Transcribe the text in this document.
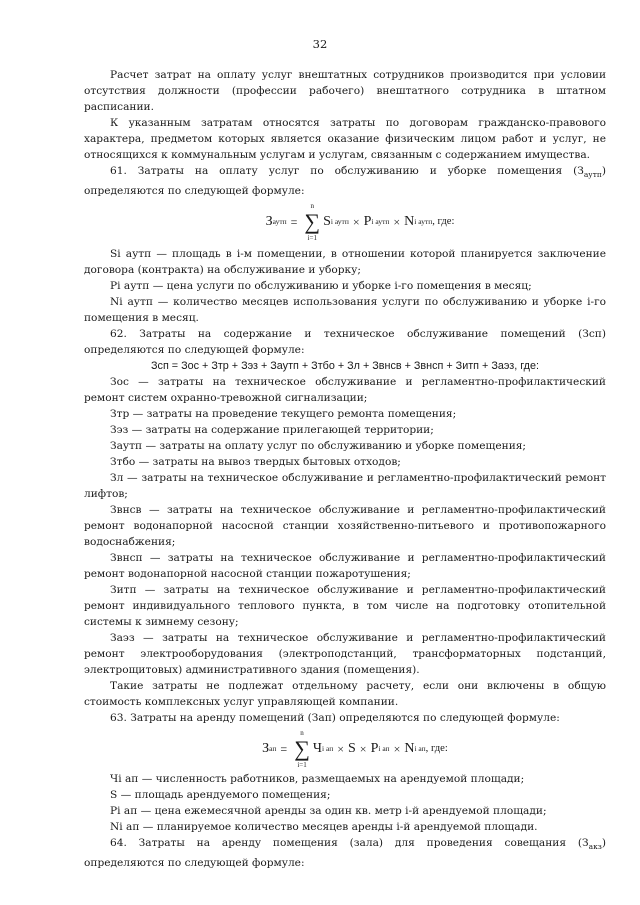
32

Расчет затрат на оплату услуг внештатных сотрудников производится при условии отсутствия должности (профессии рабочего) внештатного сотрудника в штатном расписании.

К указанным затратам относятся затраты по договорам гражданско-правового характера, предметом которых является оказание физическим лицом работ и услуг, не относящихся к коммунальным услугам и услугам, связанным с содержанием имущества.

61. Затраты на оплату услуг по обслуживанию и уборке помещения $(З_{аутп})$ определяются по следующей формуле:

З аутп =
n
∑
i=1
S i аутп × P i аутп × N i аутп , где:

Si аутп — площадь в i-м помещении, в отношении которой планируется заключение договора (контракта) на обслуживание и уборку;

Pi аутп — цена услуги по обслуживанию и уборке i-го помещения в месяц;

Ni аутп — количество месяцев использования услуги по обслуживанию и уборке i-го помещения в месяц.

62. Затраты на содержание и техническое обслуживание помещений (Зсп) определяются по следующей формуле:

Зсп = Зос + Зтр + Зэз + Заутп + Зтбо + Зл + Звнсв + Звнсп + Зитп + Заэз, где:

Зос — затраты на техническое обслуживание и регламентно-профилактический ремонт систем охранно-тревожной сигнализации;

Зтр — затраты на проведение текущего ремонта помещения;

Зэз — затраты на содержание прилегающей территории;

Заутп — затраты на оплату услуг по обслуживанию и уборке помещения;

Зтбо — затраты на вывоз твердых бытовых отходов;

Зл — затраты на техническое обслуживание и регламентно-профилактический ремонт лифтов;

Звнсв — затраты на техническое обслуживание и регламентно-профилактический ремонт водонапорной насосной станции хозяйственно-питьевого и противопожарного водоснабжения;

Звнсп — затраты на техническое обслуживание и регламентно-профилактический ремонт водонапорной насосной станции пожаротушения;

Зитп — затраты на техническое обслуживание и регламентно-профилактический ремонт индивидуального теплового пункта, в том числе на подготовку отопительной системы к зимнему сезону;

Заэз — затраты на техническое обслуживание и регламентно-профилактический ремонт электрооборудования (электроподстанций, трансформаторных подстанций, электрощитовых) административного здания (помещения).

Такие затраты не подлежат отдельному расчету, если они включены в общую стоимость комплексных услуг управляющей компании.

63. Затраты на аренду помещений (Зап) определяются по следующей формуле:

З ап =
n
∑
i=1
Ч i ап × S × P i ап × N i ап , где:

Чi ап — численность работников, размещаемых на арендуемой площади;

S — площадь арендуемого помещения;

Pi ап — цена ежемесячной аренды за один кв. метр i-й арендуемой площади;

Ni ап — планируемое количество месяцев аренды i-й арендуемой площади.

64. Затраты на аренду помещения (зала) для проведения совещания $(З_{акз})$ определяются по следующей формуле:
